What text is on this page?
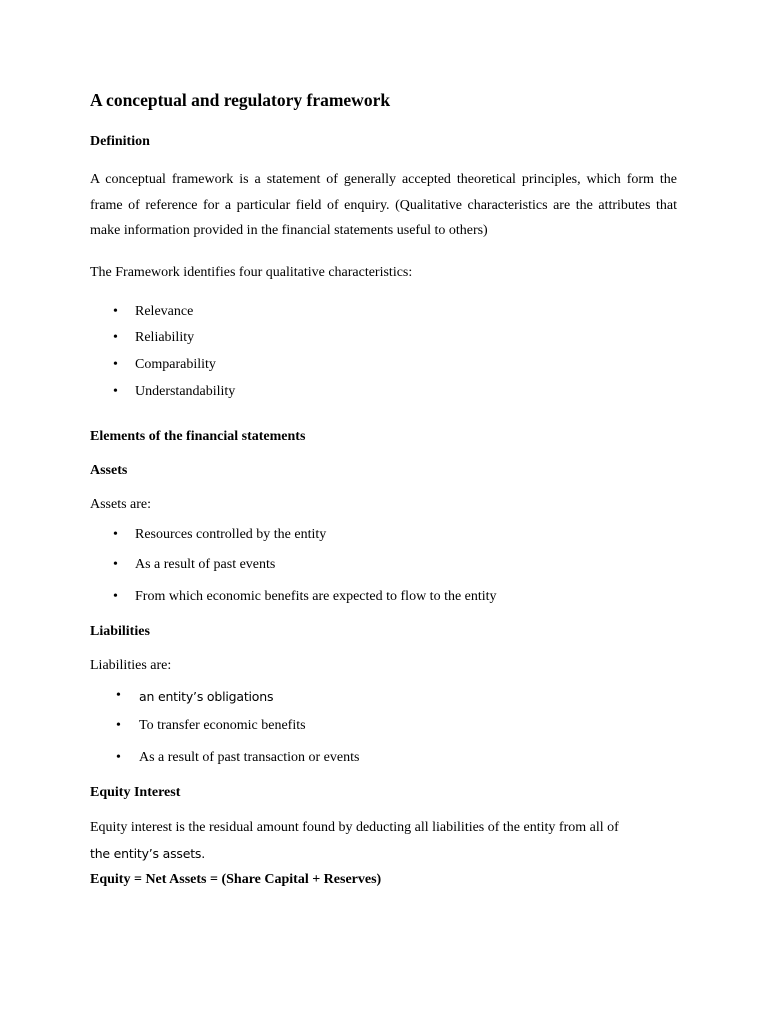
A conceptual and regulatory framework
Definition

A conceptual framework is a statement of generally accepted theoretical principles, which form the frame of reference for a particular field of enquiry. (Qualitative characteristics are the attributes that make information provided in the financial statements useful to others)

The Framework identifies four qualitative characteristics:

• Relevance
• Reliability
• Comparability
• Understandability
Elements of the financial statements
Assets

Assets are:

• Resources controlled by the entity
• As a result of past events
• From which economic benefits are expected to flow to the entity
Liabilities

Liabilities are:

• an entity’s obligations
• To transfer economic benefits
• As a result of past transaction or events
Equity Interest

Equity interest is the residual amount found by deducting all liabilities of the entity from all of

the entity’s assets.

Equity = Net Assets = (Share Capital + Reserves)
